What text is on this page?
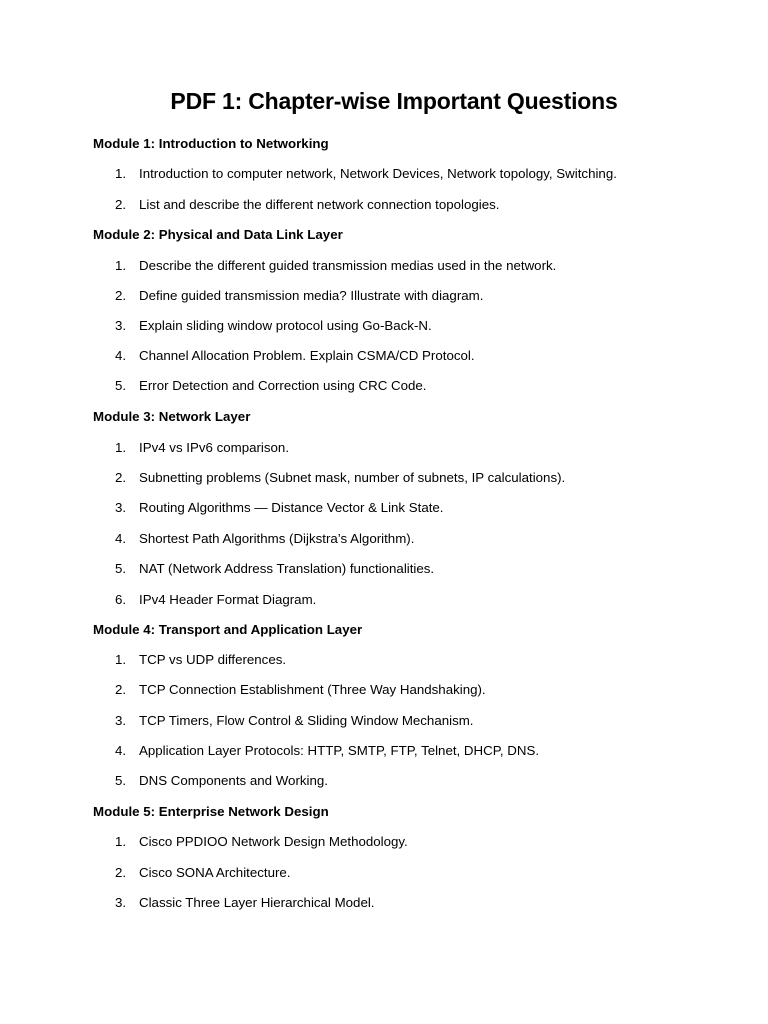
PDF 1: Chapter-wise Important Questions
Module 1: Introduction to Networking
1. Introduction to computer network, Network Devices, Network topology, Switching.
2. List and describe the different network connection topologies.
Module 2: Physical and Data Link Layer
1. Describe the different guided transmission medias used in the network.
2. Define guided transmission media? Illustrate with diagram.
3. Explain sliding window protocol using Go-Back-N.
4. Channel Allocation Problem. Explain CSMA/CD Protocol.
5. Error Detection and Correction using CRC Code.
Module 3: Network Layer
1. IPv4 vs IPv6 comparison.
2. Subnetting problems (Subnet mask, number of subnets, IP calculations).
3. Routing Algorithms — Distance Vector & Link State.
4. Shortest Path Algorithms (Dijkstra’s Algorithm).
5. NAT (Network Address Translation) functionalities.
6. IPv4 Header Format Diagram.
Module 4: Transport and Application Layer
1. TCP vs UDP differences.
2. TCP Connection Establishment (Three Way Handshaking).
3. TCP Timers, Flow Control & Sliding Window Mechanism.
4. Application Layer Protocols: HTTP, SMTP, FTP, Telnet, DHCP, DNS.
5. DNS Components and Working.
Module 5: Enterprise Network Design
1. Cisco PPDIOO Network Design Methodology.
2. Cisco SONA Architecture.
3. Classic Three Layer Hierarchical Model.
